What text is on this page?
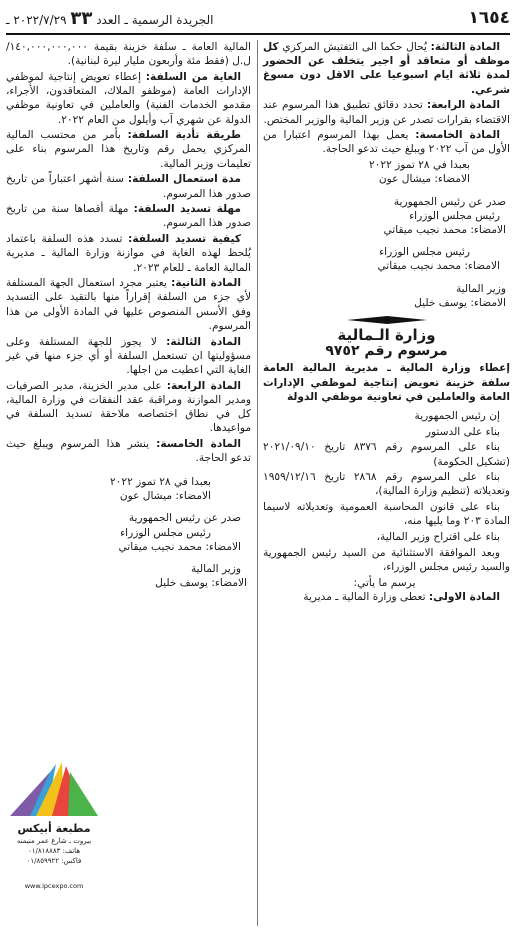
الجريدة الرسمية ـ العدد ٣٣ ٢٠٢٢/٧/٢٩ ـ	١٦٥٤

المادة الثالثة: يُحال حكما الى التفتيش المركزي كل موظف أو متعاقد أو اجير يتخلف عن الحضور لمدة ثلاثة ايام اسبوعيا على الاقل دون مسوغ شرعي.

المادة الرابعة: تحدد دقائق تطبيق هذا المرسوم عند الاقتضاء بقرارات تصدر عن وزير المالية والوزير المختص.

المادة الخامسة: يعمل بهذا المرسوم اعتبارا من الأول من آب ٢٠٢٢ ويبلغ حيث تدعو الحاجة.

بعبدا في ٢٨ تموز ٢٠٢٢
الامضاء: ميشال عون
صدر عن رئيس الجمهورية
رئيس مجلس الوزراء
الامضاء: محمد نجيب ميقاتي
رئيس مجلس الوزراء
الامضاء: محمد نجيب ميقاتي
وزير المالية
الامضاء: يوسف خليل
وزارة الـمالية
مرسوم رقم ٩٧٥٢

إعطاء وزارة المالية ـ مديرية المالية العامة سلفة خزينة تعويض إنتاجية لموظفي الإدارات العامة والعاملين في تعاونية موظفي الدولة

إن رئيس الجمهورية

بناء على الدستور

بناء على المرسوم رقم ٨٣٧٦ تاريخ ٢٠٢١/٠٩/١٠ (تشكيل الحكومة)

بناء على المرسوم رقم ٢٨٦٨ تاريخ ١٩٥٩/١٢/١٦ وتعديلاته (تنظيم وزارة المالية)،

بناء على قانون المحاسبة العمومية وتعديلاته لاسيما المادة ٢٠٣ وما يليها منه،

بناء على اقتراح وزير المالية،

وبعد الموافقة الاستثنائية من السيد رئيس الجمهورية والسيد رئيس مجلس الوزراء،

يرسم ما يأتي:

المادة الاولى: تعطى وزارة المالية ـ مديرية

المالية العامة ـ سلفة خزينة بقيمة ١٤٠,٠٠٠,٠٠٠,٠٠٠/ ل.ل (فقط مئة وأربعون مليار ليرة لبنانية).

الغاية من السلفة: إعطاء تعويض إنتاجية لموظفي الإدارات العامة (موظفو الملاك، المتعاقدون، الأجراء، مقدمو الخدمات الفنية) والعاملين في تعاونية موظفي الدولة عن شهري آب وأيلول من العام ٢٠٢٢.

طريقة تأدية السلفة: بأمر من محتسب المالية المركزي يحمل رقم وتاريخ هذا المرسوم بناء على تعليمات وزير المالية.

مدة استعمال السلفة: سنة أشهر اعتباراً من تاريخ صدور هذا المرسوم.

مهلة تسديد السلفة: مهلة أقصاها سنة من تاريخ صدور هذا المرسوم.

كيفية تسديد السلفة: تسدد هذه السلفة باعتماد يُلحظ لهذه الغاية في موازنة وزارة المالية ـ مديرية المالية العامة ـ للعام ٢٠٢٣.

المادة الثانية: يعتبر مجرد استعمال الجهة المستلفة لأي جزء من السلفة إقراراً منها بالتقيد على التسديد وفق الأسس المنصوص عليها في المادة الأولى من هذا المرسوم.

المادة الثالثة: لا يجوز للجهة المستلفة وعلى مسؤوليتها ان تستعمل السلفة أو أي جزء منها في غير الغاية التي اعطيت من اجلها.

المادة الرابعة: على مدير الخزينة، مدير الصرفيات ومدير الموازنة ومراقبة عقد النفقات في وزارة المالية، كل في نطاق اختصاصه ملاحقة تسديد السلفة في مواعيدها.

المادة الخامسة: ينشر هذا المرسوم ويبلغ حيث تدعو الحاجة.

بعبدا في ٢٨ تموز ٢٠٢٢
الامضاء: ميشال عون
صدر عن رئيس الجمهورية
رئيس مجلس الوزراء
الامضاء: محمد نجيب ميقاتي
وزير المالية
الامضاء: يوسف خليل
مطبعة أبيكس
بيروت ـ شارع عمر منيمنه
هاتف: ٠١/٨١٨٨٨٣
فاكس: ٠١/٨٥٩٩٢٢
www.ipcexpo.com
